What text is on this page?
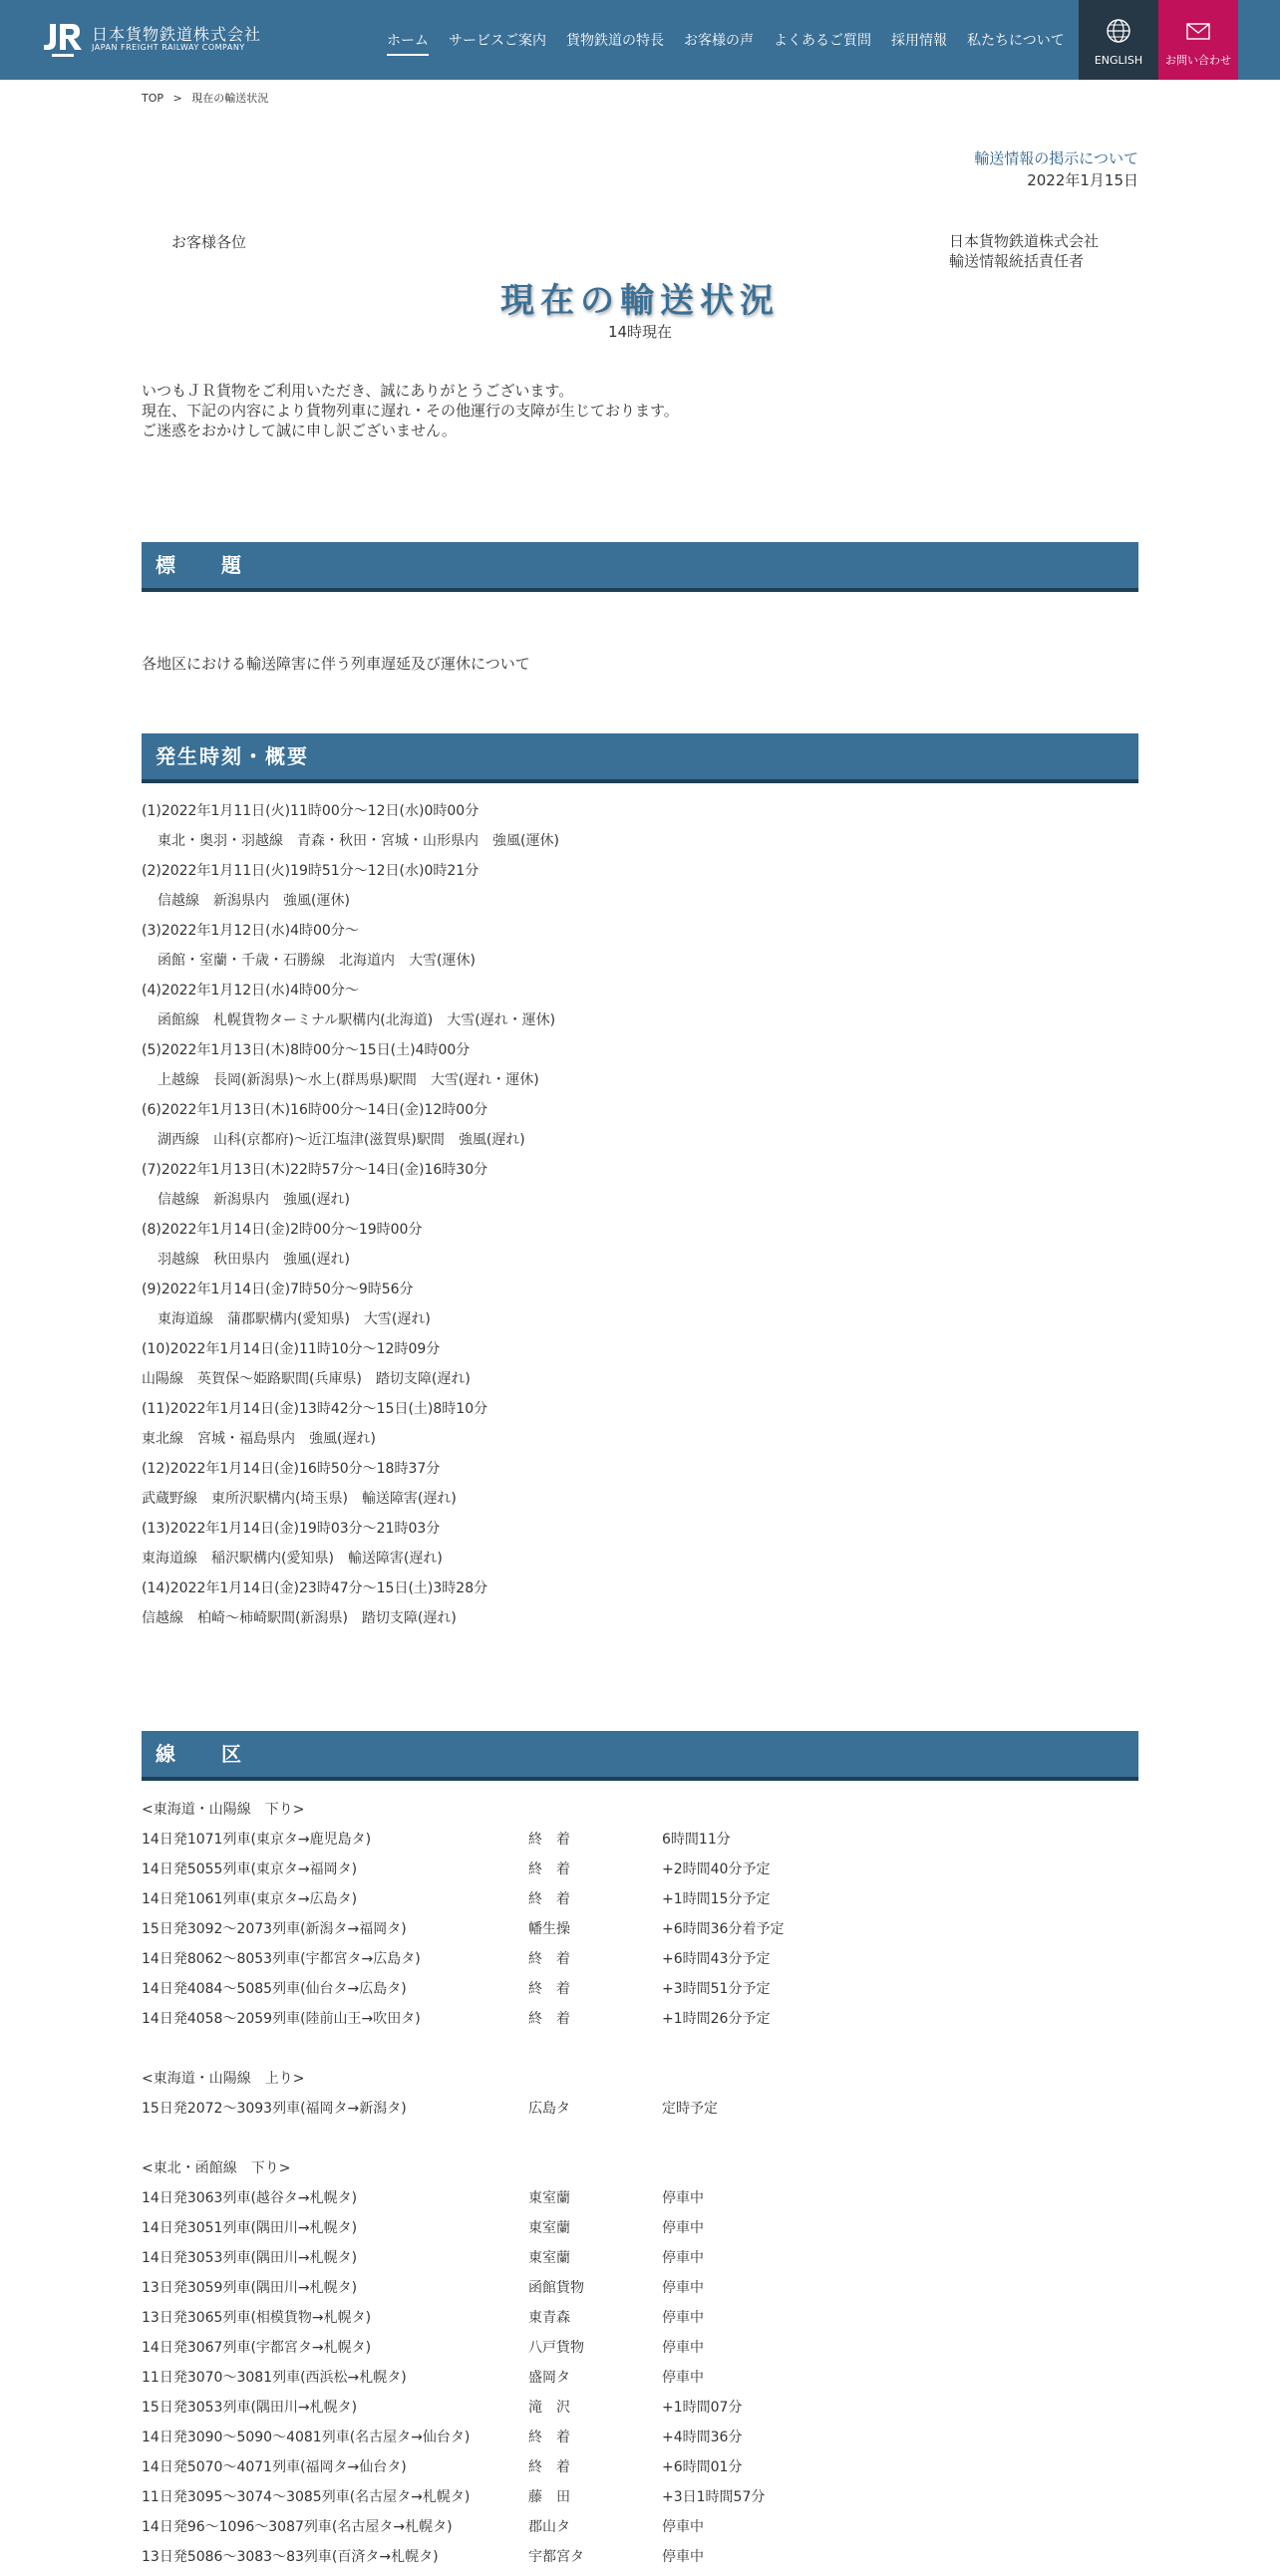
日本貨物鉄道株式会社
JAPAN FREIGHT RAILWAY COMPANY	ホーム サービスご案内 貨物鉄道の特長 お客様の声 よくあるご質問 採用情報 私たちについて
ENGLISH	お問い合わせ
TOP > 現在の輸送状況
輸送情報の掲示について
2022年1月15日
お客様各位	日本貨物鉄道株式会社
輸送情報統括責任者
現在の輸送状況
14時現在
いつもＪＲ貨物をご利用いただき、誠にありがとうございます。
現在、下記の内容により貨物列車に遅れ・その他運行の支障が生じております。
ご迷惑をおかけして誠に申し訳ございません。
標　　題
各地区における輸送障害に伴う列車遅延及び運休について
発生時刻・概要
(1)2022年1月11日(火)11時00分～12日(水)0時00分
東北・奥羽・羽越線　青森・秋田・宮城・山形県内　強風(運休)
(2)2022年1月11日(火)19時51分～12日(水)0時21分
信越線　新潟県内　強風(運休)
(3)2022年1月12日(水)4時00分～
函館・室蘭・千歳・石勝線　北海道内　大雪(運休)
(4)2022年1月12日(水)4時00分～
函館線　札幌貨物ターミナル駅構内(北海道)　大雪(遅れ・運休)
(5)2022年1月13日(木)8時00分～15日(土)4時00分
上越線　長岡(新潟県)～水上(群馬県)駅間　大雪(遅れ・運休)
(6)2022年1月13日(木)16時00分～14日(金)12時00分
湖西線　山科(京都府)～近江塩津(滋賀県)駅間　強風(遅れ)
(7)2022年1月13日(木)22時57分～14日(金)16時30分
信越線　新潟県内　強風(遅れ)
(8)2022年1月14日(金)2時00分～19時00分
羽越線　秋田県内　強風(遅れ)
(9)2022年1月14日(金)7時50分～9時56分
東海道線　蒲郡駅構内(愛知県)　大雪(遅れ)
(10)2022年1月14日(金)11時10分～12時09分
山陽線　英賀保～姫路駅間(兵庫県)　踏切支障(遅れ)
(11)2022年1月14日(金)13時42分～15日(土)8時10分
東北線　宮城・福島県内　強風(遅れ)
(12)2022年1月14日(金)16時50分～18時37分
武蔵野線　東所沢駅構内(埼玉県)　輸送障害(遅れ)
(13)2022年1月14日(金)19時03分～21時03分
東海道線　稲沢駅構内(愛知県)　輸送障害(遅れ)
(14)2022年1月14日(金)23時47分～15日(土)3時28分
信越線　柏崎～柿崎駅間(新潟県)　踏切支障(遅れ)
線　　区
<東海道・山陽線　下り>
14日発1071列車(東京タ→鹿児島タ)	終　着	6時間11分
14日発5055列車(東京タ→福岡タ)	終　着	+2時間40分予定
14日発1061列車(東京タ→広島タ)	終　着	+1時間15分予定
15日発3092～2073列車(新潟タ→福岡タ)	幡生操	+6時間36分着予定
14日発8062～8053列車(宇都宮タ→広島タ)	終　着	+6時間43分予定
14日発4084～5085列車(仙台タ→広島タ)	終　着	+3時間51分予定
14日発4058～2059列車(陸前山王→吹田タ)	終　着	+1時間26分予定
<東海道・山陽線　上り>
15日発2072～3093列車(福岡タ→新潟タ)	広島タ	定時予定
<東北・函館線　下り>
14日発3063列車(越谷タ→札幌タ)	東室蘭	停車中
14日発3051列車(隅田川→札幌タ)	東室蘭	停車中
14日発3053列車(隅田川→札幌タ)	東室蘭	停車中
13日発3059列車(隅田川→札幌タ)	函館貨物	停車中
13日発3065列車(相模貨物→札幌タ)	東青森	停車中
14日発3067列車(宇都宮タ→札幌タ)	八戸貨物	停車中
11日発3070～3081列車(西浜松→札幌タ)	盛岡タ	停車中
15日発3053列車(隅田川→札幌タ)	滝　沢	+1時間07分
14日発3090～5090～4081列車(名古屋タ→仙台タ)	終　着	+4時間36分
14日発5070～4071列車(福岡タ→仙台タ)	終　着	+6時間01分
11日発3095～3074～3085列車(名古屋タ→札幌タ)	藤　田	+3日1時間57分
14日発96～1096～3087列車(名古屋タ→札幌タ)	郡山タ	停車中
13日発5086～3083～83列車(百済タ→札幌タ)	宇都宮タ	停車中
